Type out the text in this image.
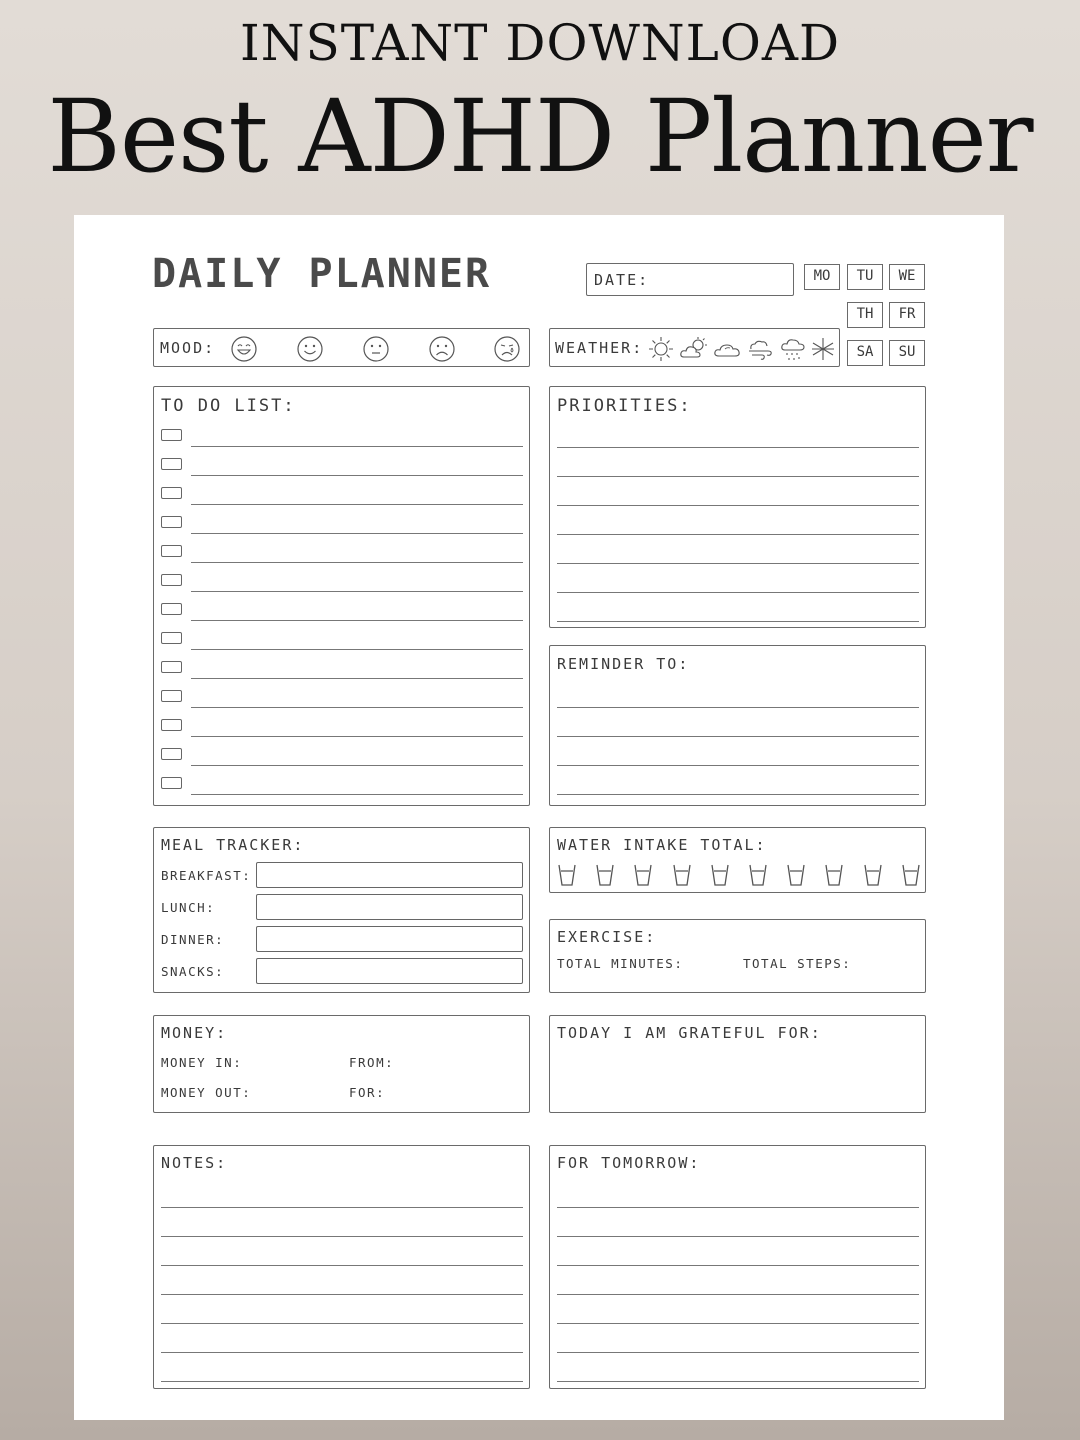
INSTANT DOWNLOAD
Best ADHD Planner
DAILY PLANNER	DATE:	MO	TU	WE
TH	FR
SA	SU
MOOD:	WEATHER:
TO DO LIST:	PRIORITIES:
REMINDER TO:
MEAL TRACKER:
BREAKFAST:
LUNCH:
DINNER:
SNACKS:
WATER INTAKE TOTAL:
EXERCISE:
TOTAL MINUTES:	TOTAL STEPS:
MONEY:
MONEY IN:	FROM:
MONEY OUT:	FOR:
TODAY I AM GRATEFUL FOR:
NOTES:	FOR TOMORROW:
